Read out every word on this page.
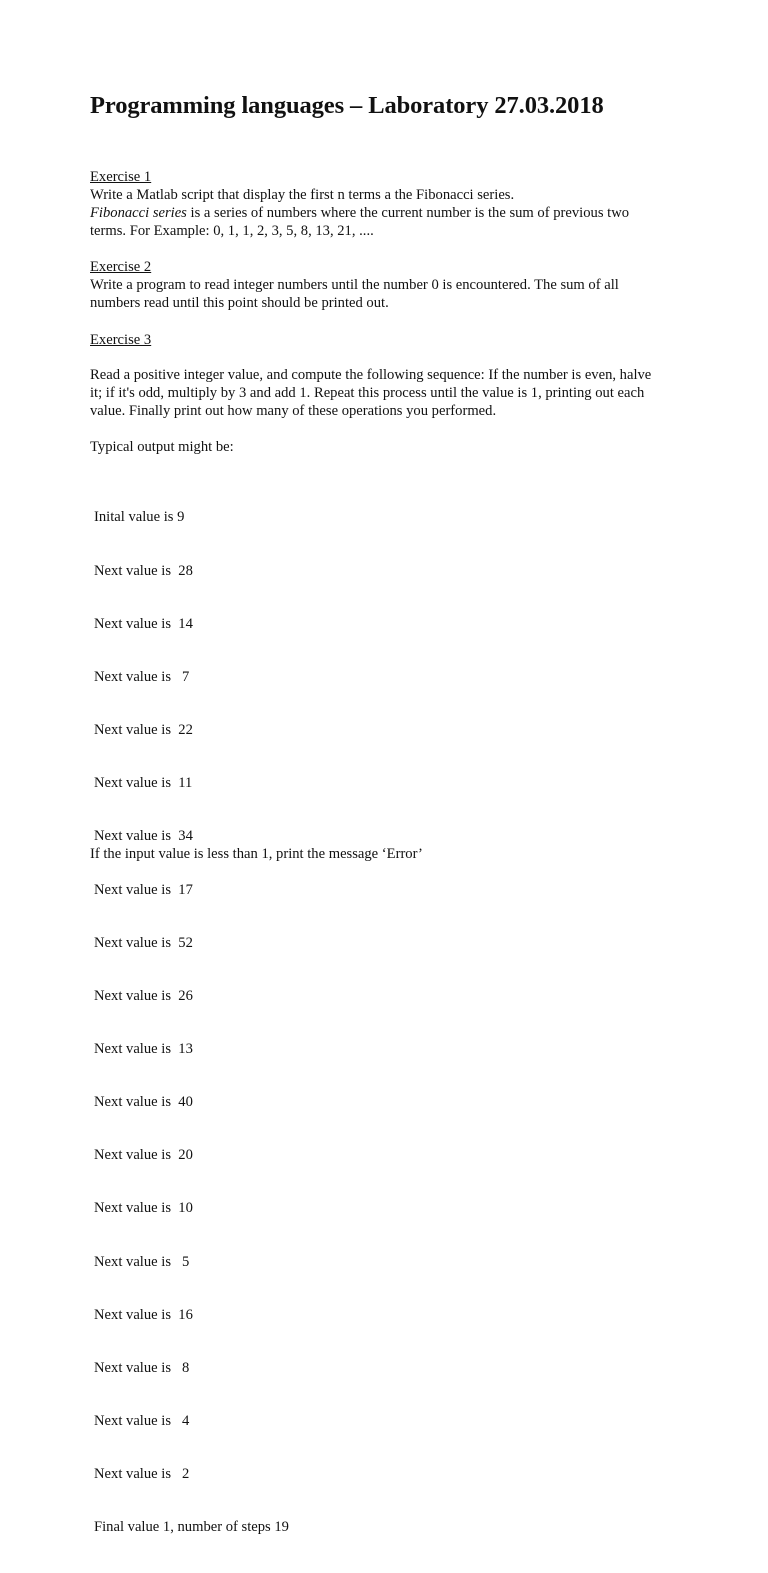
Programming languages – Laboratory 27.03.2018

Exercise 1

Write a Matlab script that display the first n terms a the Fibonacci series.

Fibonacci series is a series of numbers where the current number is the sum of previous two

terms. For Example: 0, 1, 1, 2, 3, 5, 8, 13, 21, ....

Exercise 2

Write a program to read integer numbers until the number 0 is encountered. The sum of all

numbers read until this point should be printed out.

Exercise 3

Read a positive integer value, and compute the following sequence: If the number is even, halve

it; if it's odd, multiply by 3 and add 1. Repeat this process until the value is 1, printing out each

value. Finally print out how many of these operations you performed.

Typical output might be:

Inital value is 9

Next value is  28

Next value is  14

Next value is   7

Next value is  22

Next value is  11

Next value is  34

Next value is  17

Next value is  52

Next value is  26

Next value is  13

Next value is  40

Next value is  20

Next value is  10

Next value is   5

Next value is  16

Next value is   8

Next value is   4

Next value is   2

Final value 1, number of steps 19

If the input value is less than 1, print the message ‘Error’
